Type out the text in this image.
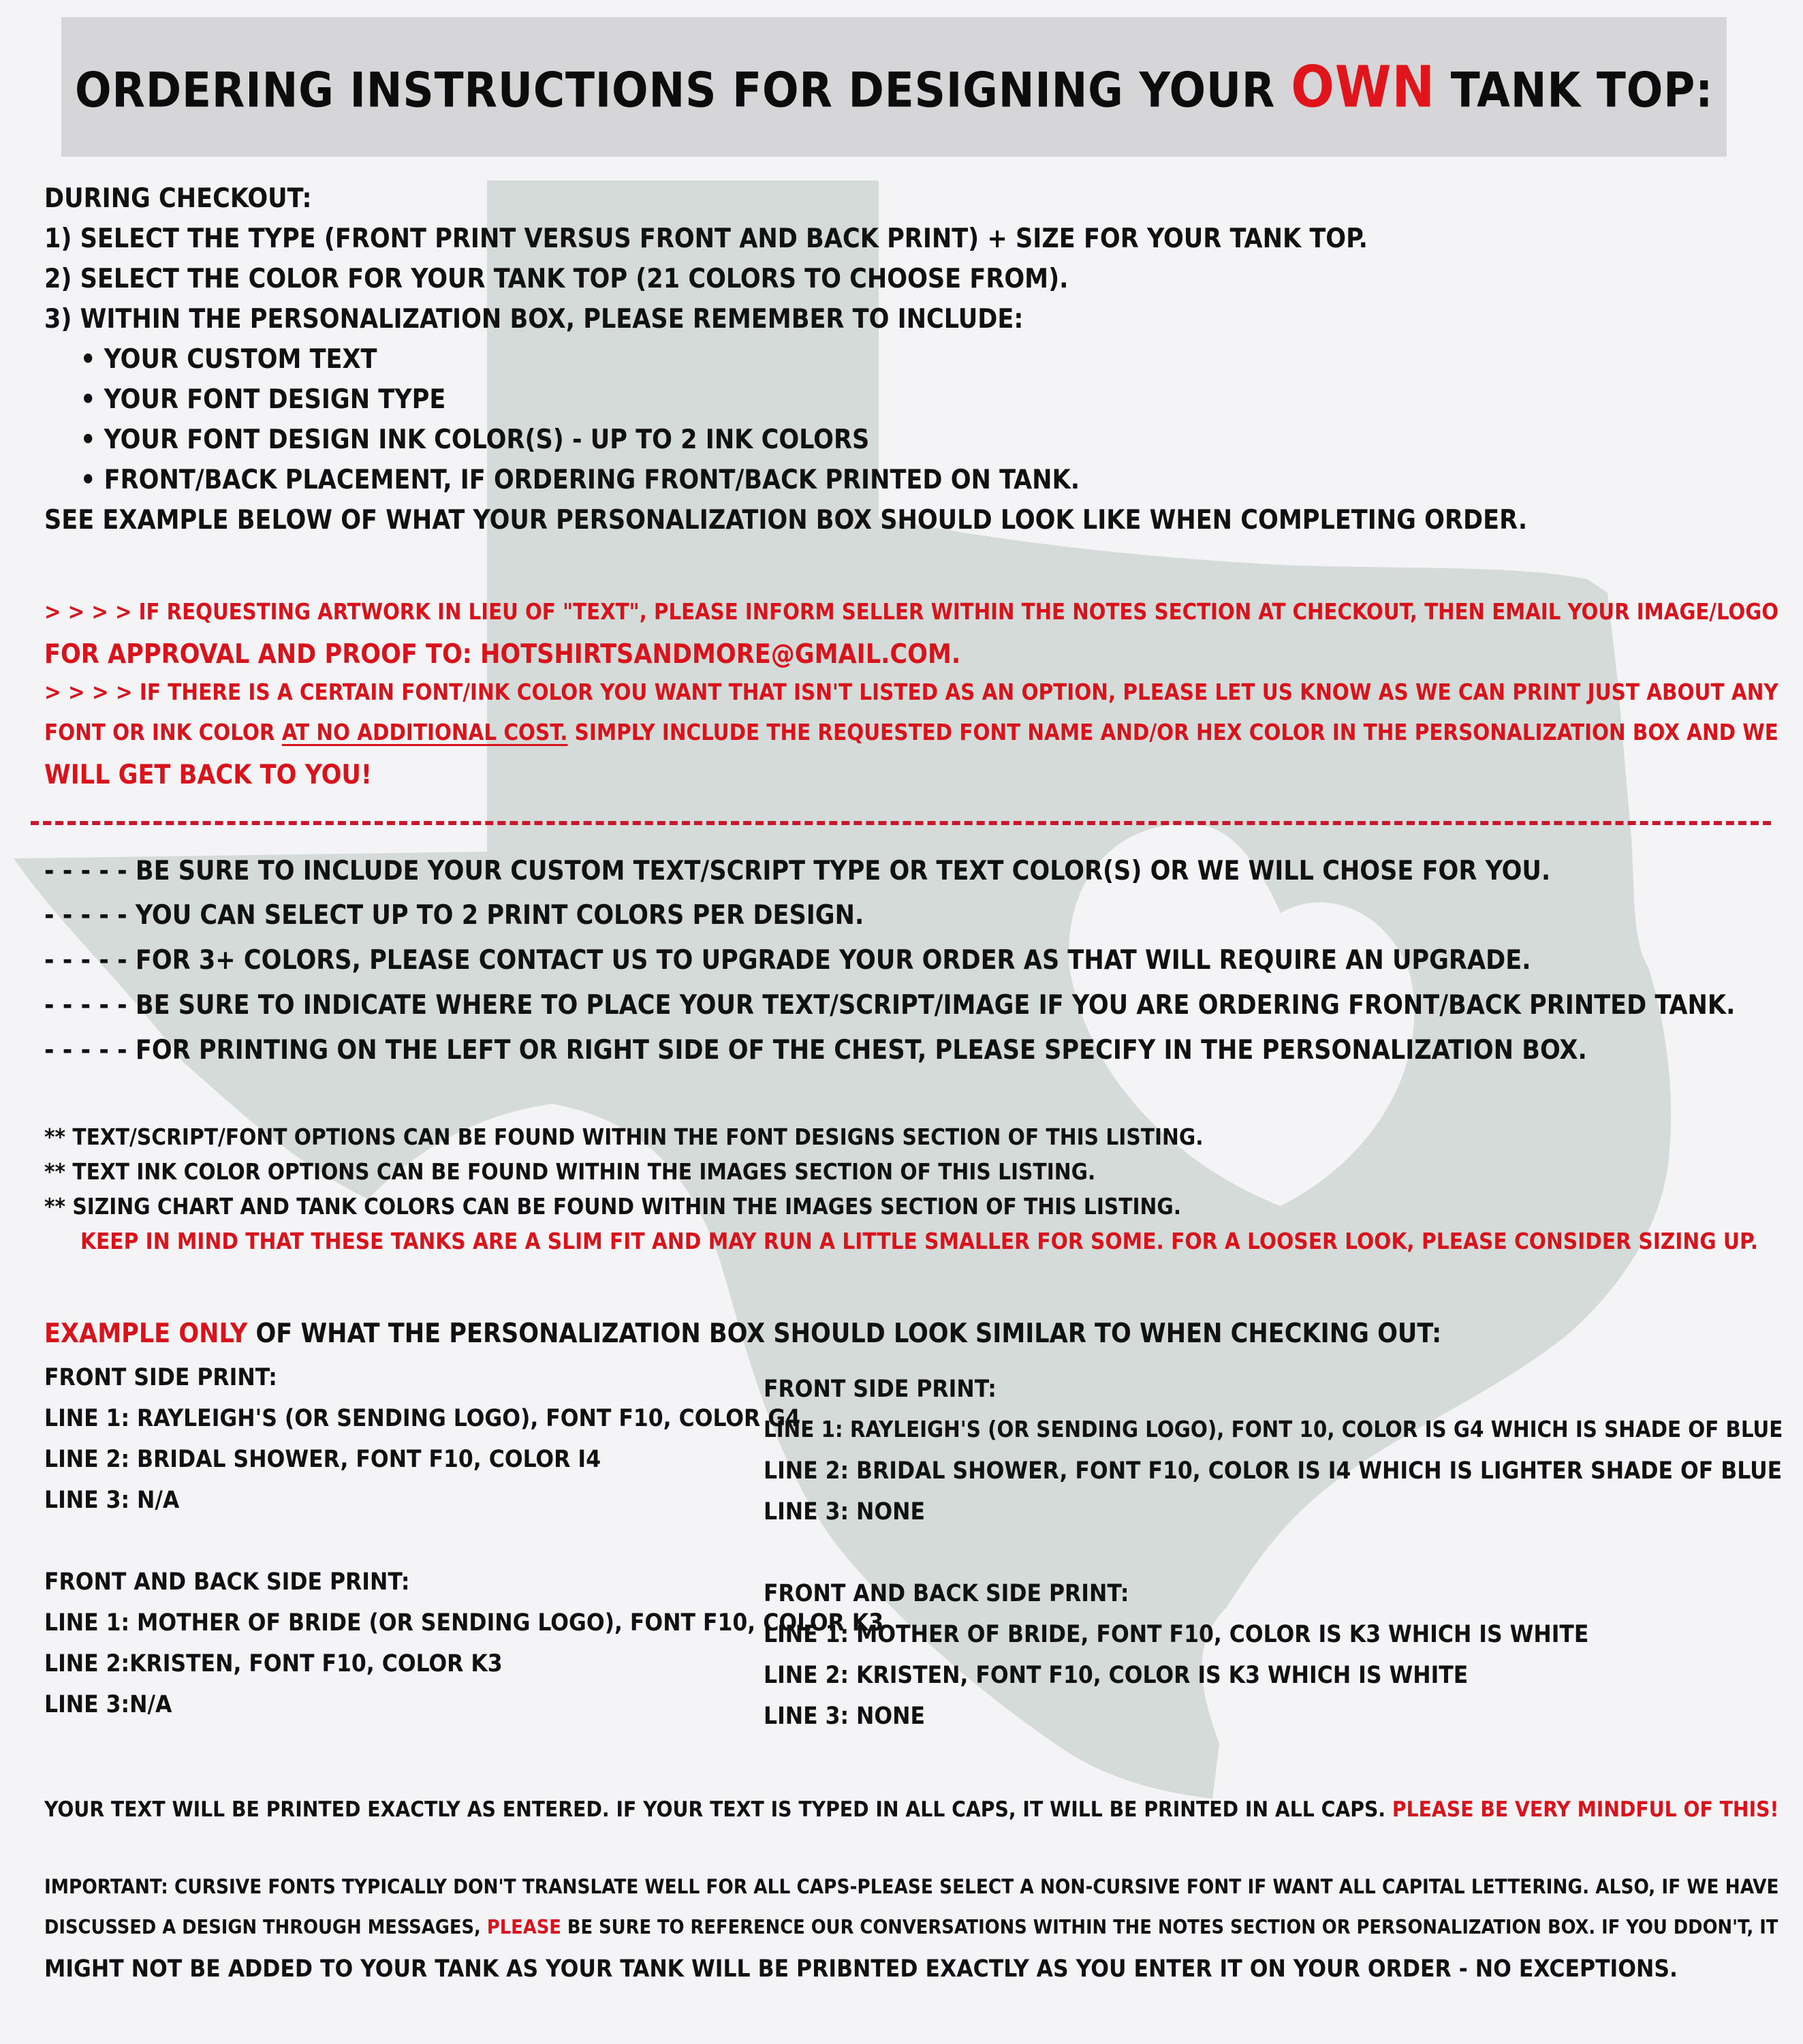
ORDERING INSTRUCTIONS FOR DESIGNING YOUR OWN TANK TOP:
DURING CHECKOUT:
1) SELECT THE TYPE (FRONT PRINT VERSUS FRONT AND BACK PRINT) + SIZE FOR YOUR TANK TOP.
2) SELECT THE COLOR FOR YOUR TANK TOP (21 COLORS TO CHOOSE FROM).
3) WITHIN THE PERSONALIZATION BOX, PLEASE REMEMBER TO INCLUDE:
• YOUR CUSTOM TEXT
• YOUR FONT DESIGN TYPE
• YOUR FONT DESIGN INK COLOR(S) - UP TO 2 INK COLORS
• FRONT/BACK PLACEMENT, IF ORDERING FRONT/BACK PRINTED ON TANK.
SEE EXAMPLE BELOW OF WHAT YOUR PERSONALIZATION BOX SHOULD LOOK LIKE WHEN COMPLETING ORDER.
> > > > IF REQUESTING ARTWORK IN LIEU OF "TEXT", PLEASE INFORM SELLER WITHIN THE NOTES SECTION AT CHECKOUT, THEN EMAIL YOUR IMAGE/LOGO
FOR APPROVAL AND PROOF TO: HOTSHIRTSANDMORE@GMAIL.COM.
> > > > IF THERE IS A CERTAIN FONT/INK COLOR YOU WANT THAT ISN'T LISTED AS AN OPTION, PLEASE LET US KNOW AS WE CAN PRINT JUST ABOUT ANY
FONT OR INK COLOR AT NO ADDITIONAL COST. SIMPLY INCLUDE THE REQUESTED FONT NAME AND/OR HEX COLOR IN THE PERSONALIZATION BOX AND WE
WILL GET BACK TO YOU!
- - - - - BE SURE TO INCLUDE YOUR CUSTOM TEXT/SCRIPT TYPE OR TEXT COLOR(S) OR WE WILL CHOSE FOR YOU.
- - - - - YOU CAN SELECT UP TO 2 PRINT COLORS PER DESIGN.
- - - - - FOR 3+ COLORS, PLEASE CONTACT US TO UPGRADE YOUR ORDER AS THAT WILL REQUIRE AN UPGRADE.
- - - - - BE SURE TO INDICATE WHERE TO PLACE YOUR TEXT/SCRIPT/IMAGE IF YOU ARE ORDERING FRONT/BACK PRINTED TANK.
- - - - - FOR PRINTING ON THE LEFT OR RIGHT SIDE OF THE CHEST, PLEASE SPECIFY IN THE PERSONALIZATION BOX.
** TEXT/SCRIPT/FONT OPTIONS CAN BE FOUND WITHIN THE FONT DESIGNS SECTION OF THIS LISTING.
** TEXT INK COLOR OPTIONS CAN BE FOUND WITHIN THE IMAGES SECTION OF THIS LISTING.
** SIZING CHART AND TANK COLORS CAN BE FOUND WITHIN THE IMAGES SECTION OF THIS LISTING.
KEEP IN MIND THAT THESE TANKS ARE A SLIM FIT AND MAY RUN A LITTLE SMALLER FOR SOME. FOR A LOOSER LOOK, PLEASE CONSIDER SIZING UP.
EXAMPLE ONLY OF WHAT THE PERSONALIZATION BOX SHOULD LOOK SIMILAR TO WHEN CHECKING OUT:
FRONT SIDE PRINT:
LINE 1: RAYLEIGH'S (OR SENDING LOGO), FONT F10, COLOR G4
LINE 2: BRIDAL SHOWER, FONT F10, COLOR I4
LINE 3: N/A
FRONT AND BACK SIDE PRINT:
LINE 1: MOTHER OF BRIDE (OR SENDING LOGO), FONT F10, COLOR K3
LINE 2:KRISTEN, FONT F10, COLOR K3
LINE 3:N/A
FRONT SIDE PRINT:
LINE 1: RAYLEIGH'S (OR SENDING LOGO), FONT 10, COLOR IS G4 WHICH IS SHADE OF BLUE
LINE 2: BRIDAL SHOWER, FONT F10, COLOR IS I4 WHICH IS LIGHTER SHADE OF BLUE
LINE 3: NONE
FRONT AND BACK SIDE PRINT:
LINE 1: MOTHER OF BRIDE, FONT F10, COLOR IS K3 WHICH IS WHITE
LINE 2: KRISTEN, FONT F10, COLOR IS K3 WHICH IS WHITE
LINE 3: NONE
YOUR TEXT WILL BE PRINTED EXACTLY AS ENTERED. IF YOUR TEXT IS TYPED IN ALL CAPS, IT WILL BE PRINTED IN ALL CAPS. PLEASE BE VERY MINDFUL OF THIS!
IMPORTANT: CURSIVE FONTS TYPICALLY DON'T TRANSLATE WELL FOR ALL CAPS-PLEASE SELECT A NON-CURSIVE FONT IF WANT ALL CAPITAL LETTERING. ALSO, IF WE HAVE
DISCUSSED A DESIGN THROUGH MESSAGES, PLEASE BE SURE TO REFERENCE OUR CONVERSATIONS WITHIN THE NOTES SECTION OR PERSONALIZATION BOX. IF YOU DDON'T, IT
MIGHT NOT BE ADDED TO YOUR TANK AS YOUR TANK WILL BE PRIBNTED EXACTLY AS YOU ENTER IT ON YOUR ORDER - NO EXCEPTIONS.
